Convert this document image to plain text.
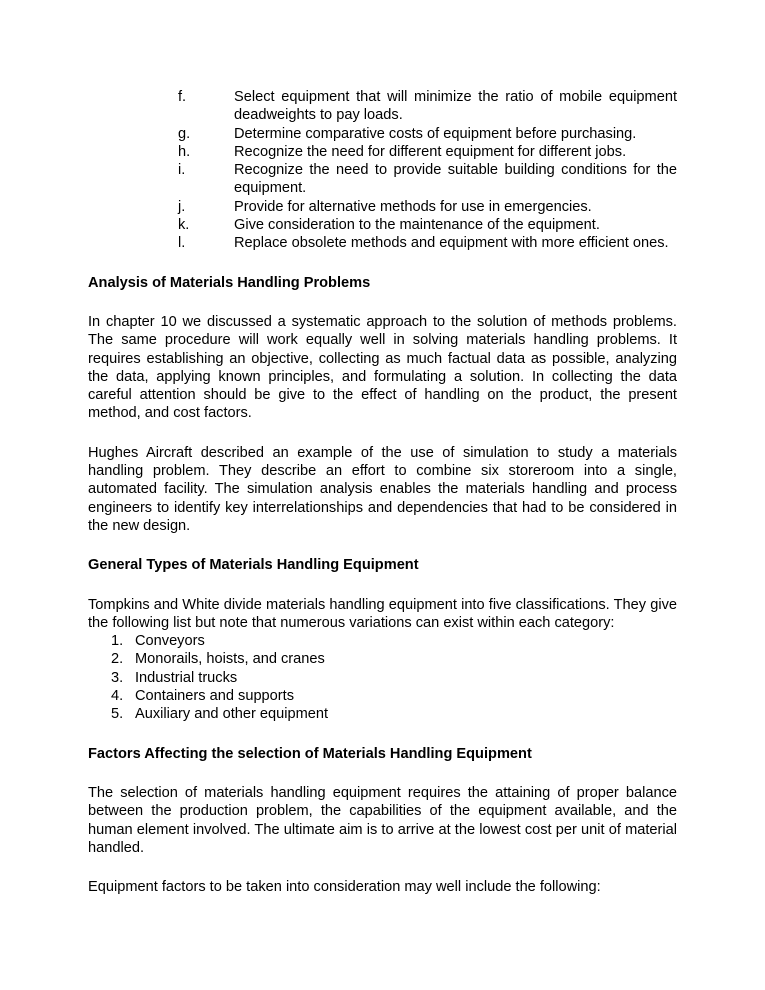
f.	Select equipment that will minimize the ratio of mobile equipment deadweights to pay loads.
g.	Determine comparative costs of equipment before purchasing.
h.	Recognize the need for different equipment for different jobs.
i.	Recognize the need to provide suitable building conditions for the equipment.
j.	Provide for alternative methods for use in emergencies.
k.	Give consideration to the maintenance of the equipment.
l.	Replace obsolete methods and equipment with more efficient ones.

Analysis of Materials Handling Problems

In chapter 10 we discussed a systematic approach to the solution of methods problems. The same procedure will work equally well in solving materials handling problems. It requires establishing an objective, collecting as much factual data as possible, analyzing the data, applying known principles, and formulating a solution. In collecting the data careful attention should be give to the effect of handling on the product, the present method, and cost factors.

Hughes Aircraft described an example of the use of simulation to study a materials handling problem. They describe an effort to combine six storeroom into a single, automated facility. The simulation analysis enables the materials handling and process engineers to identify key interrelationships and dependencies that had to be considered in the new design.

General Types of Materials Handling Equipment

Tompkins and White divide materials handling equipment into five classifications. They give the following list but note that numerous variations can exist within each category:

1. Conveyors
2. Monorails, hoists, and cranes
3. Industrial trucks
4. Containers and supports
5. Auxiliary and other equipment

Factors Affecting the selection of Materials Handling Equipment

The selection of materials handling equipment requires the attaining of proper balance between the production problem, the capabilities of the equipment available, and the human element involved. The ultimate aim is to arrive at the lowest cost per unit of material handled.

Equipment factors to be taken into consideration may well include the following:
